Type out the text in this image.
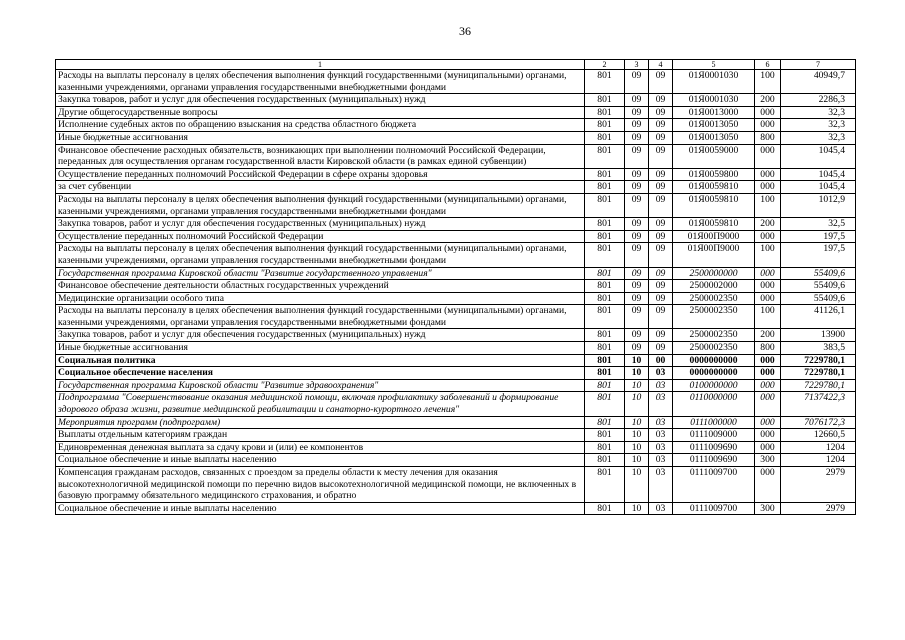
36
1	2	3	4	5	6	7
Расходы на выплаты персоналу в целях обеспечения выполнения функций государственными (муниципальными) органами, казенными учреждениями, органами управления государственными внебюджетными фондами	801	09	09	01Я0001030	100	40949,7
Закупка товаров, работ и услуг для обеспечения государственных (муниципальных) нужд	801	09	09	01Я0001030	200	2286,3
Другие общегосударственные вопросы	801	09	09	01Я0013000	000	32,3
Исполнение судебных актов по обращению взыскания на средства областного бюджета	801	09	09	01Я0013050	000	32,3
Иные бюджетные ассигнования	801	09	09	01Я0013050	800	32,3
Финансовое обеспечение расходных обязательств, возникающих при выполнении полномочий Российской Федерации, переданных для осуществления органам государственной власти Кировской области (в рамках единой субвенции)	801	09	09	01Я0059000	000	1045,4
Осуществление переданных полномочий Российской Федерации в сфере охраны здоровья	801	09	09	01Я0059800	000	1045,4
за счет субвенции	801	09	09	01Я0059810	000	1045,4
Расходы на выплаты персоналу в целях обеспечения выполнения функций государственными (муниципальными) органами, казенными учреждениями, органами управления государственными внебюджетными фондами	801	09	09	01Я0059810	100	1012,9
Закупка товаров, работ и услуг для обеспечения государственных (муниципальных) нужд	801	09	09	01Я0059810	200	32,5
Осуществление переданных полномочий Российской Федерации	801	09	09	01Я00П9000	000	197,5
Расходы на выплаты персоналу в целях обеспечения выполнения функций государственными (муниципальными) органами, казенными учреждениями, органами управления государственными внебюджетными фондами	801	09	09	01Я00П9000	100	197,5
Государственная программа Кировской области "Развитие государственного управления"	801	09	09	2500000000	000	55409,6
Финансовое обеспечение деятельности областных государственных учреждений	801	09	09	2500002000	000	55409,6
Медицинские организации особого типа	801	09	09	2500002350	000	55409,6
Расходы на выплаты персоналу в целях обеспечения выполнения функций государственными (муниципальными) органами, казенными учреждениями, органами управления государственными внебюджетными фондами	801	09	09	2500002350	100	41126,1
Закупка товаров, работ и услуг для обеспечения государственных (муниципальных) нужд	801	09	09	2500002350	200	13900
Иные бюджетные ассигнования	801	09	09	2500002350	800	383,5
Социальная политика	801	10	00	0000000000	000	7229780,1
Социальное обеспечение населения	801	10	03	0000000000	000	7229780,1
Государственная программа Кировской области "Развитие здравоохранения"	801	10	03	0100000000	000	7229780,1
Подпрограмма "Совершенствование оказания медицинской помощи, включая профилактику заболеваний и формирование здорового образа жизни, развитие медицинской реабилитации и санаторно-курортного лечения"	801	10	03	0110000000	000	7137422,3
Мероприятия программ (подпрограмм)	801	10	03	0111000000	000	7076172,3
Выплаты отдельным категориям граждан	801	10	03	0111009000	000	12660,5
Единовременная денежная выплата за сдачу крови и (или) ее компонентов	801	10	03	0111009690	000	1204
Социальное обеспечение и иные выплаты населению	801	10	03	0111009690	300	1204
Компенсация гражданам расходов, связанных с проездом за пределы области к месту лечения для оказания высокотехнологичной медицинской помощи по перечню видов высокотехнологичной медицинской помощи, не включенных в базовую программу обязательного медицинского страхования, и обратно	801	10	03	0111009700	000	2979
Социальное обеспечение и иные выплаты населению	801	10	03	0111009700	300	2979
